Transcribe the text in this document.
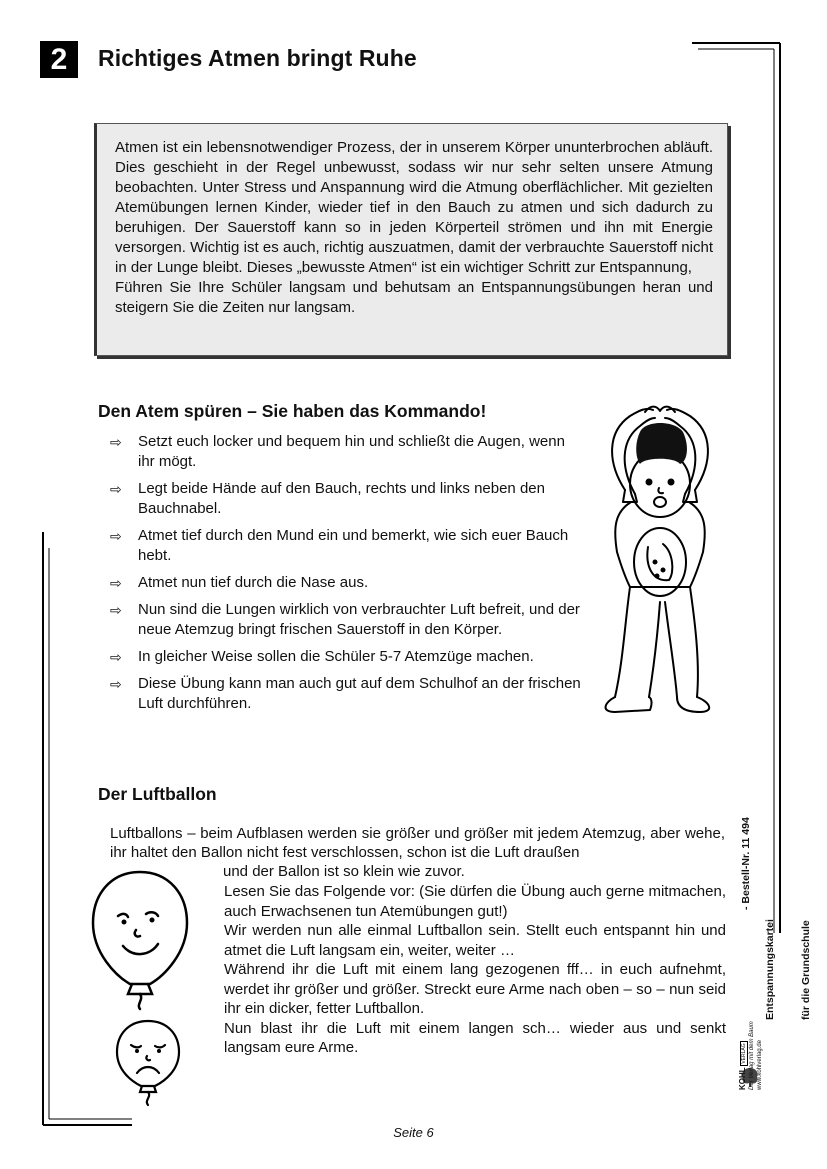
2	Richtiges Atmen bringt Ruhe

Atmen ist ein lebensnotwendiger Prozess, der in unserem Körper ununterbrochen abläuft. Dies geschieht in der Regel unbewusst, sodass wir nur sehr selten unsere Atmung beobachten. Unter Stress und Anspannung wird die Atmung oberflächlicher. Mit gezielten Atemübungen lernen Kinder, wieder tief in den Bauch zu atmen und sich dadurch zu beruhigen. Der Sauerstoff kann so in jeden Körperteil strömen und ihn mit Energie versorgen. Wichtig ist es auch, richtig auszuatmen, damit der verbrauchte Sauerstoff nicht in der Lunge bleibt. Dieses „bewusste Atmen“ ist ein wichtiger Schritt zur Entspannung,

Führen Sie Ihre Schüler langsam und behutsam an Entspannungsübungen heran und steigern Sie die Zeiten nur langsam.

Den Atem spüren – Sie haben das Kommando!
⇨ Setzt euch locker und bequem hin und schließt die Augen, wenn ihr mögt.
⇨ Legt beide Hände auf den Bauch, rechts und links neben den Bauchnabel.
⇨ Atmet tief durch den Mund ein und bemerkt, wie sich euer Bauch hebt.
⇨ Atmet nun tief durch die Nase aus.
⇨ Nun sind die Lungen wirklich von verbrauchter Luft befreit, und der neue Atemzug bringt frischen Sauerstoff in den Körper.
⇨ In gleicher Weise sollen die Schüler 5-7 Atemzüge machen.
⇨ Diese Übung kann man auch gut auf dem Schulhof an der frischen Luft durchführen.
Der Luftballon
Luftballons – beim Aufblasen werden sie größer und größer mit jedem Atemzug, aber wehe, ihr haltet den Ballon nicht fest verschlossen, schon ist die Luft draußen
und der Ballon ist so klein wie zuvor.

Lesen Sie das Folgende vor: (Sie dürfen die Übung auch gerne mitmachen, auch Erwachsenen tun Atemübungen gut!)

Wir werden nun alle einmal Luftballon sein. Stellt euch entspannt hin und atmet die Luft langsam ein, weiter, weiter …

Während ihr die Luft mit einem lang gezogenen fff… in euch aufnehmt, werdet ihr größer und größer. Streckt eure Arme nach oben – so – nun seid ihr ein dicker, fetter Luftballon.

Nun blast ihr die Luft mit einem langen sch… wieder aus und senkt langsam eure Arme.

Entspannungskartei

für die Grundschule

- Bestell-Nr. 11 494

KOHL VERLAG Der Verlag mit dem Baum www.kohlverlag.de
Seite 6
